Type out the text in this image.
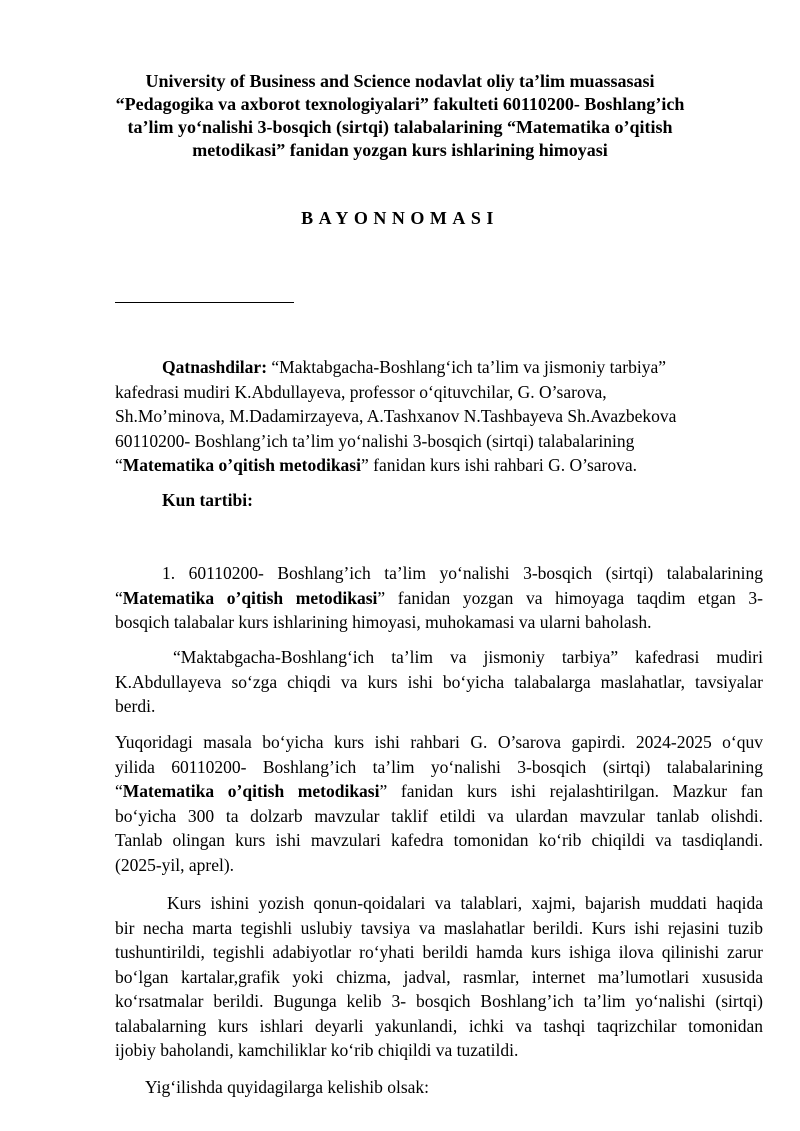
University of Business and Science nodavlat oliy ta’lim muassasasi
“Pedagogika va axborot texnologiyalari” fakulteti 60110200- Boshlang’ich
ta’lim yo‘nalishi 3-bosqich (sirtqi) talabalarining “Matematika o’qitish
metodikasi” fanidan yozgan kurs ishlarining himoyasi
BAYONNOMASI
Qatnashdilar: “Maktabgacha-Boshlang‘ich ta’lim va jismoniy tarbiya”
kafedrasi mudiri K.Abdullayeva, professor o‘qituvchilar, G. O’sarova,
Sh.Mo’minova, M.Dadamirzayeva, A.Tashxanov N.Tashbayeva Sh.Avazbekova
60110200- Boshlang’ich ta’lim yo‘nalishi 3-bosqich (sirtqi) talabalarining
“Matematika o’qitish metodikasi” fanidan kurs ishi rahbari G. O’sarova.
Kun tartibi:
1. 60110200- Boshlang’ich ta’lim yo‘nalishi 3-bosqich (sirtqi) talabalarining
“Matematika o’qitish metodikasi” fanidan yozgan va himoyaga taqdim etgan 3-
bosqich talabalar kurs ishlarining himoyasi, muhokamasi va ularni baholash.
“Maktabgacha-Boshlang‘ich ta’lim va jismoniy tarbiya” kafedrasi mudiri
K.Abdullayeva so‘zga chiqdi va kurs ishi bo‘yicha talabalarga maslahatlar, tavsiyalar
berdi.
Yuqoridagi masala bo‘yicha kurs ishi rahbari G. O’sarova gapirdi. 2024-2025 o‘quv
yilida 60110200- Boshlang’ich ta’lim yo‘nalishi 3-bosqich (sirtqi) talabalarining
“Matematika o’qitish metodikasi” fanidan kurs ishi rejalashtirilgan. Mazkur fan
bo‘yicha 300 ta dolzarb mavzular taklif etildi va ulardan mavzular tanlab olishdi.
Tanlab olingan kurs ishi mavzulari kafedra tomonidan ko‘rib chiqildi va tasdiqlandi.
(2025-yil, aprel).
Kurs ishini yozish qonun-qoidalari va talablari, xajmi, bajarish muddati haqida
bir necha marta tegishli uslubiy tavsiya va maslahatlar berildi. Kurs ishi rejasini tuzib
tushuntirildi, tegishli adabiyotlar ro‘yhati berildi hamda kurs ishiga ilova qilinishi zarur
bo‘lgan kartalar,grafik yoki chizma, jadval, rasmlar, internet ma’lumotlari xususida
ko‘rsatmalar berildi. Bugunga kelib 3- bosqich Boshlang’ich ta’lim yo‘nalishi (sirtqi)
talabalarning kurs ishlari deyarli yakunlandi, ichki va tashqi taqrizchilar tomonidan
ijobiy baholandi, kamchiliklar ko‘rib chiqildi va tuzatildi.
Yig‘ilishda quyidagilarga kelishib olsak:
